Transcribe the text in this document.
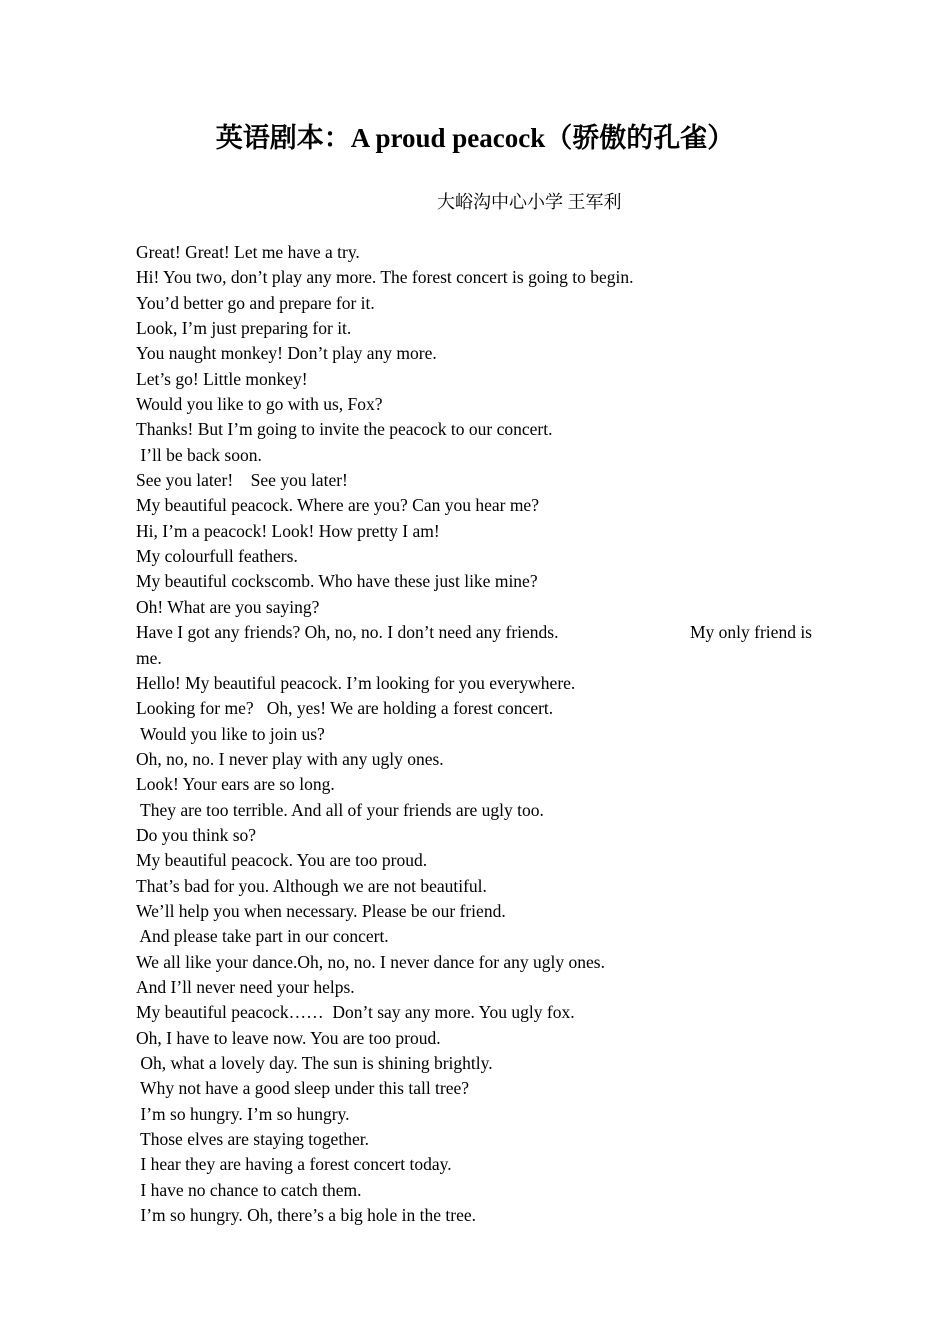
英语剧本：A proud peacock（骄傲的孔雀）
大峪沟中心小学 王军利
Great! Great! Let me have a try.
Hi! You two, don’t play any more. The forest concert is going to begin.
You’d better go and prepare for it.
Look, I’m just preparing for it.
You naught monkey! Don’t play any more.
Let’s go! Little monkey!
Would you like to go with us, Fox?
Thanks! But I’m going to invite the peacock to our concert.
I’ll be back soon.
See you later!    See you later!
My beautiful peacock. Where are you? Can you hear me?
Hi, I’m a peacock! Look! How pretty I am!
My colourfull feathers.
My beautiful cockscomb. Who have these just like mine?
Oh! What are you saying?
Have I got any friends? Oh, no, no. I don’t need any friends.	My only friend is
me.
Hello! My beautiful peacock. I’m looking for you everywhere.
Looking for me?   Oh, yes! We are holding a forest concert.
Would you like to join us?
Oh, no, no. I never play with any ugly ones.
Look! Your ears are so long.
They are too terrible. And all of your friends are ugly too.
Do you think so?
My beautiful peacock. You are too proud.
That’s bad for you. Although we are not beautiful.
We’ll help you when necessary. Please be our friend.
And please take part in our concert.
We all like your dance.Oh, no, no. I never dance for any ugly ones.
And I’ll never need your helps.
My beautiful peacock……  Don’t say any more. You ugly fox.
Oh, I have to leave now. You are too proud.
Oh, what a lovely day. The sun is shining brightly.
Why not have a good sleep under this tall tree?
I’m so hungry. I’m so hungry.
Those elves are staying together.
I hear they are having a forest concert today.
I have no chance to catch them.
I’m so hungry. Oh, there’s a big hole in the tree.
